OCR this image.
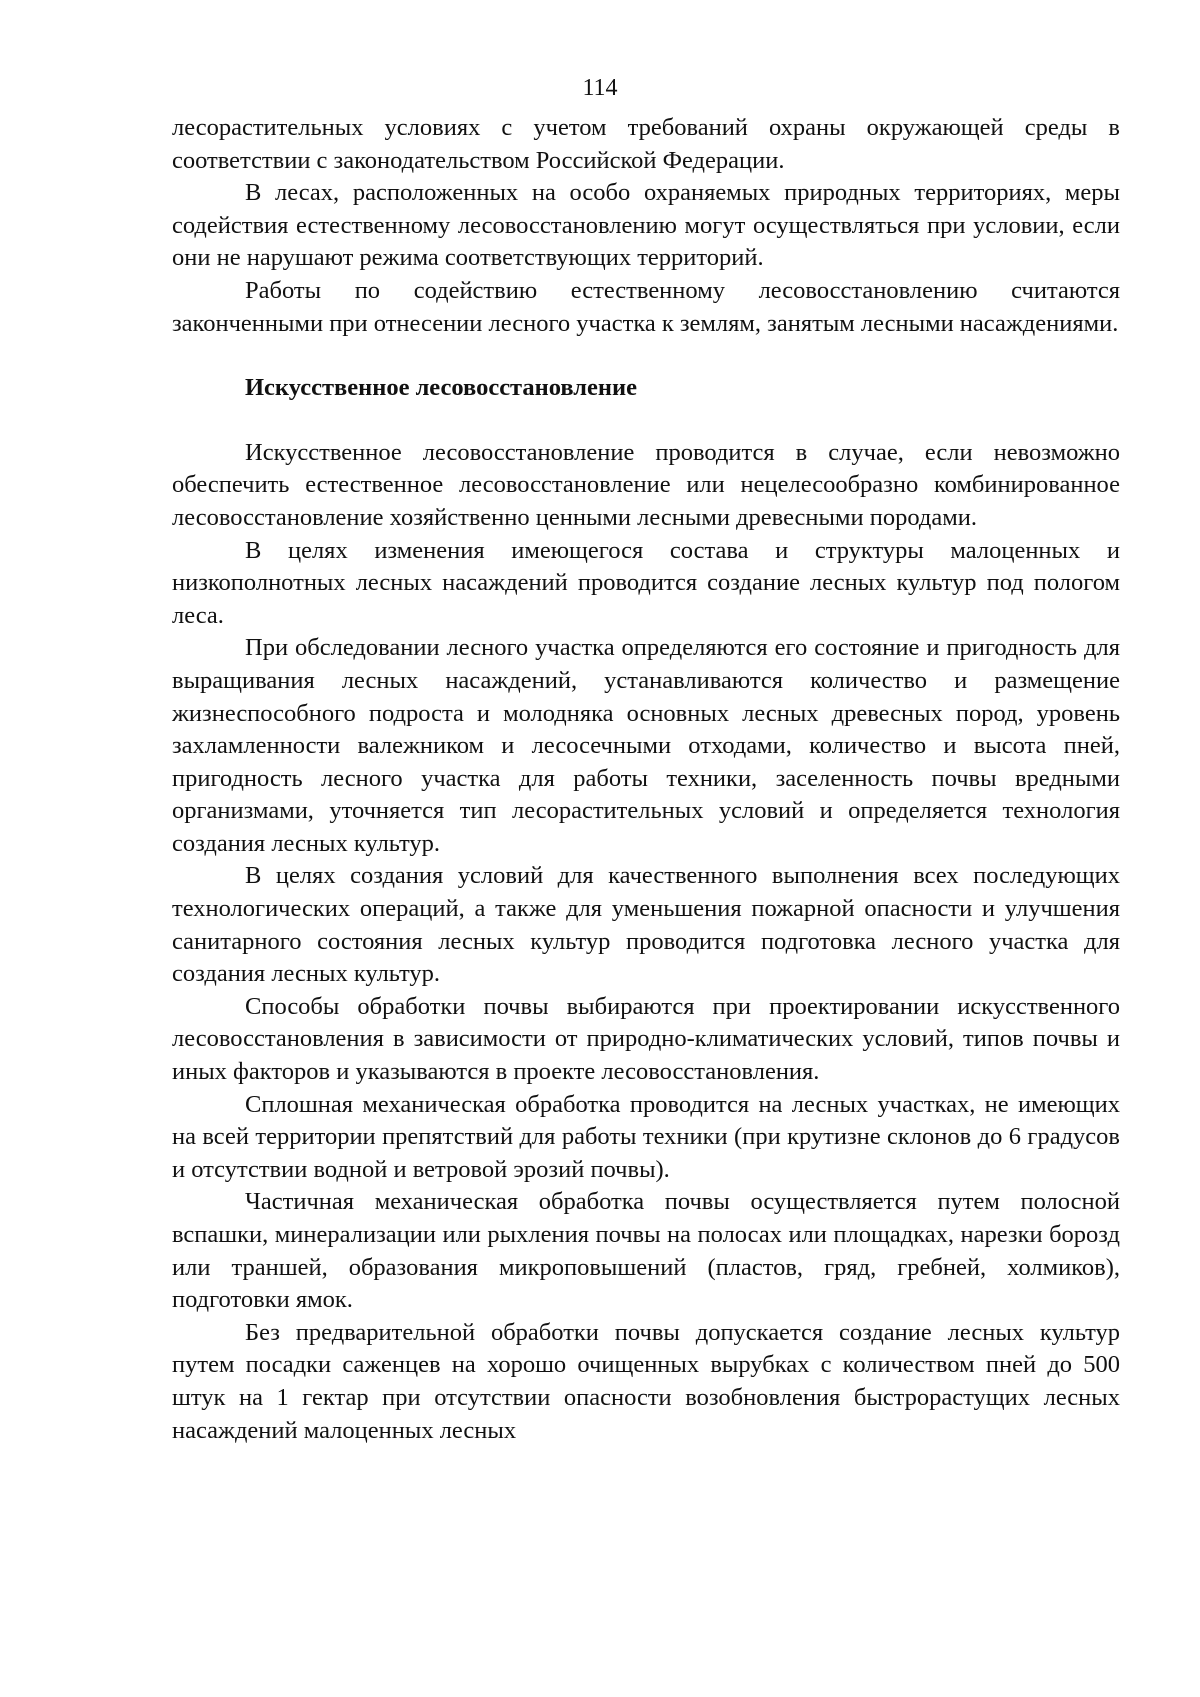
114

лесорастительных условиях с учетом требований охраны окружающей среды в соответствии с законодательством Российской Федерации.

В лесах, расположенных на особо охраняемых природных территориях, меры содействия естественному лесовосстановлению могут осуществляться при условии, если они не нарушают режима соответствующих территорий.

Работы по содействию естественному лесовосстановлению считаются законченными при отнесении лесного участка к землям, занятым лесными насаждениями.

Искусственное лесовосстановление

Искусственное лесовосстановление проводится в случае, если невозможно обеспечить естественное лесовосстановление или нецелесообразно комбинированное лесовосстановление хозяйственно ценными лесными древесными породами.

В целях изменения имеющегося состава и структуры малоценных и низкополнотных лесных насаждений проводится создание лесных культур под пологом леса.

При обследовании лесного участка определяются его состояние и пригодность для выращивания лесных насаждений, устанавливаются количество и размещение жизнеспособного подроста и молодняка основных лесных древесных пород, уровень захламленности валежником и лесосечными отходами, количество и высота пней, пригодность лесного участка для работы техники, заселенность почвы вредными организмами, уточняется тип лесорастительных условий и определяется технология создания лесных культур.

В целях создания условий для качественного выполнения всех последующих технологических операций, а также для уменьшения пожарной опасности и улучшения санитарного состояния лесных культур проводится подготовка лесного участка для создания лесных культур.

Способы обработки почвы выбираются при проектировании искусственного лесовосстановления в зависимости от природно-климатических условий, типов почвы и иных факторов и указываются в проекте лесовосстановления.

Сплошная механическая обработка проводится на лесных участках, не имеющих на всей территории препятствий для работы техники (при крутизне склонов до 6 градусов и отсутствии водной и ветровой эрозий почвы).

Частичная механическая обработка почвы осуществляется путем полосной вспашки, минерализации или рыхления почвы на полосах или площадках, нарезки борозд или траншей, образования микроповышений (пластов, гряд, гребней, холмиков), подготовки ямок.

Без предварительной обработки почвы допускается создание лесных культур путем посадки саженцев на хорошо очищенных вырубках с количеством пней до 500 штук на 1 гектар при отсутствии опасности возобновления быстрорастущих лесных насаждений малоценных лесных
